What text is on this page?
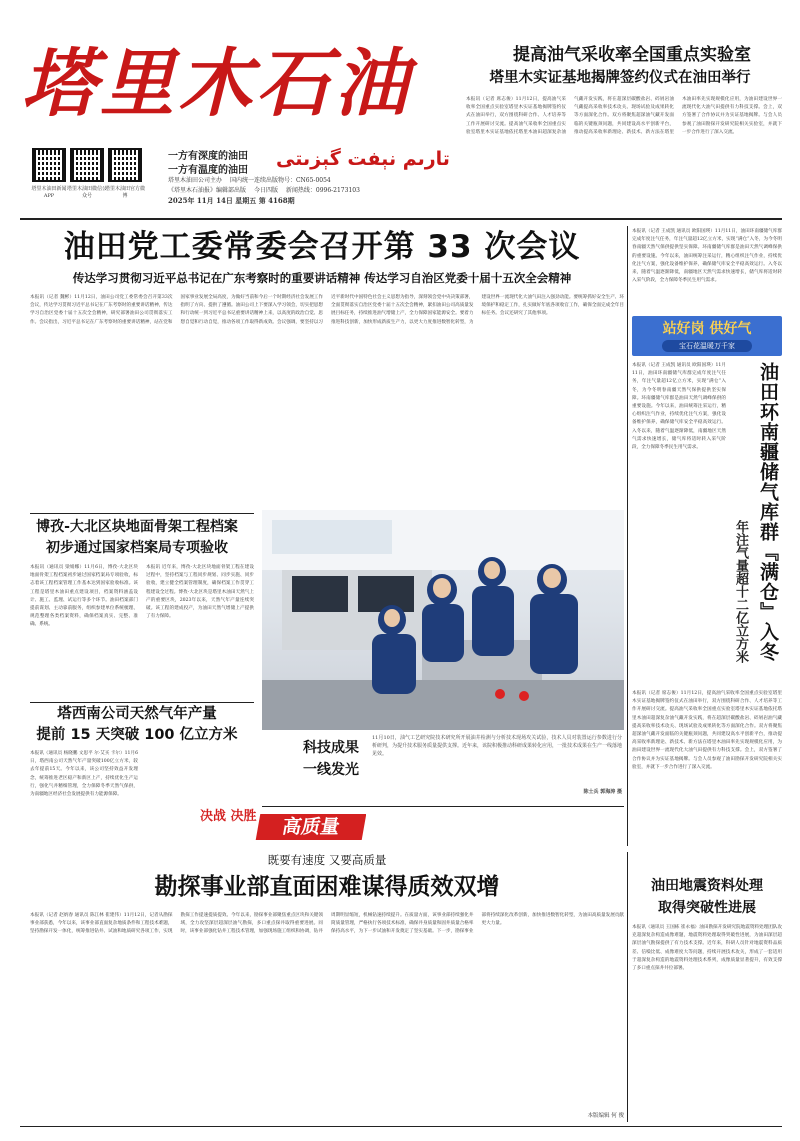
塔里木石油
塔里木油田新闻APP
塔里木油田微信公众号
塔里木油田官方微博
一方有深度的油田
一方有温度的油田
تارىم نېفت گېزىتى
塔里木油田公司主办 国内统一连续出版物号：CN65-0054
《塔里木石油报》编辑部出版 今日四版 新闻热线：0996-2173103
2025年 11月 14日 星期五 第 4168期
提高油气采收率全国重点实验室
塔里木实证基地揭牌签约仪式在油田举行
本报讯（记者 席志俊）11月12日，提高油气采收率全国重点实验室塔里木实证基地揭牌签约仪式在油田举行，双方围绕科研合作、人才培养等工作开展研讨交流。提高油气采收率全国重点实验室塔里木实证基地依托塔里木油田超深复杂油气藏开发实践，将在超深层碳酸盐岩、碎屑岩油气藏提高采收率技术攻关、现场试验及成果转化等方面深化合作。双方将聚焦超深油气藏开发面临的关键瓶颈问题，共同建设高水平创新平台，推动提高采收率新理论、新技术、新方法在塔里木油田率先实现规模化应用，为油田建设世界一流现代化大油气田提供有力科技支撑。会上，双方签署了合作协议并为实证基地揭牌。与会人员参观了油田勘探开发研究院相关实验室，并就下一步合作进行了深入交流。
油田党工委常委会召开第 33 次会议
传达学习贯彻习近平总书记在广东考察时的重要讲话精神 传达学习自治区党委十届十五次全会精神
本报讯（记者 魏彬）11月12日，油田公司党工委常委会召开第33次会议，传达学习贯彻习近平总书记在广东考察时的重要讲话精神，传达学习自治区党委十届十五次全会精神，研究部署油田公司贯彻落实工作。会议指出，习近平总书记在广东考察时的重要讲话精神，站在党和国家事业发展全局高度，为做好当前和今后一个时期经济社会发展工作指明了方向、提供了遵循。油田公司上下要深入学习领会，切实把思想和行动统一到习近平总书记重要讲话精神上来，以高度的政治自觉、思想自觉和行动自觉，推动各项工作取得新成效。会议强调，要坚持以习近平新时代中国特色社会主义思想为指导，深刻领会党中央决策部署，全面贯彻落实自治区党委十届十五次全会精神，紧扣油田公司高质量发展目标任务，持续推进油气增储上产，全力保障国家能源安全。要着力推进科技创新，加快形成新质生产力，以更大力度推进数智化转型，为建设世界一流现代化大油气田注入强劲动能。要统筹抓好安全生产、环境保护和稳定工作，扎实做好年底各项收官工作，确保全面完成全年目标任务。会议还研究了其他事项。
博孜-大北区块地面骨架工程档案
初步通过国家档案局专项验收
本报讯（通讯员 梁娟娜）11月6日，博孜-大北区块地面骨架工程档案初步通过国家档案局专项验收，标志着该工程档案管理工作基本达到国家验收标准。该工程是塔里木油田重点建设项目，档案资料涵盖设计、施工、监理、试运行等多个环节。油田档案部门提前谋划、主动靠前服务，组织参建单位系统梳理、规范整理各类档案资料，确保档案真实、完整、准确、系统。
本报讯 近年来，博孜-大北区块地面骨架工程在建设过程中，坚持档案与工程同步规划、同步实施、同步验收，建立健全档案管理制度，确保档案工作贯穿工程建设全过程。博孜-大北区块是塔里木油田天然气上产的重要区块，2023年以来，天然气年产量连续突破。该工程的建成投产，为油田天然气增储上产提供了有力保障。
塔西南公司天然气年产量
提前 15 天突破 100 亿立方米
本报讯（通讯员 杨晓鹏 文思平 尔·艾买 卡尔）11月6日，塔西南公司天然气年产量突破100亿立方米，较去年提前15天。今年以来，该公司坚持效益开发理念，统筹推进老区稳产和新区上产，持续优化生产运行，强化气井精细管理，全力保障冬季天然气保供，为南疆地区经济社会发展提供有力能源保障。
科技成果
一线发光
11月10日，油气工艺研究院技术研究所开展油井检测与分析技术现场攻关试验，技术人员对装置运行参数进行分析研判，为提升技术服务质量提供支撑。近年来，该院积极推动科研成果转化应用，一批技术成果在生产一线落地见效。
陈士兵 郭海涛 摄
站好岗 供好气
宝石花温暖万千家
本报讯（记者 王成凯 通讯员 欧阳国瑛）11月11日，油田环南疆储气库群完成年度注气任务，年注气量超12亿立方米，实现“满仓”入冬，为今冬明春南疆天然气保供提供坚实保障。环南疆储气库群是油田天然气调峰保供的重要设施。今年以来，油田统筹注采运行，精心组织注气作业，持续优化注气方案，强化设备维护保养，确保储气库安全平稳高效运行。入冬以来，随着气温逐渐降低，南疆地区天然气需求快速增长，储气库将适时转入采气阶段，全力保障冬季民生用气需求。
油田环南疆储气库群『满仓』入冬
年注气量超十二亿立方米
本报讯（记者 王成凯 通讯员 欧阳国瑛）11月11日，油田环南疆储气库群完成年度注气任务，年注气量超12亿立方米，实现“满仓”入冬，为今冬明春南疆天然气保供提供坚实保障。环南疆储气库群是油田天然气调峰保供的重要设施。今年以来，油田统筹注采运行，精心组织注气作业，持续优化注气方案，强化设备维护保养，确保储气库安全平稳高效运行。入冬以来，随着气温逐渐降低，南疆地区天然气需求快速增长，储气库将适时转入采气阶段，全力保障冬季民生用气需求。
本报讯（记者 席志俊）11月12日，提高油气采收率全国重点实验室塔里木实证基地揭牌签约仪式在油田举行，双方围绕科研合作、人才培养等工作开展研讨交流。提高油气采收率全国重点实验室塔里木实证基地依托塔里木油田超深复杂油气藏开发实践，将在超深层碳酸盐岩、碎屑岩油气藏提高采收率技术攻关、现场试验及成果转化等方面深化合作。双方将聚焦超深油气藏开发面临的关键瓶颈问题，共同建设高水平创新平台，推动提高采收率新理论、新技术、新方法在塔里木油田率先实现规模化应用，为油田建设世界一流现代化大油气田提供有力科技支撑。会上，双方签署了合作协议并为实证基地揭牌。与会人员参观了油田勘探开发研究院相关实验室，并就下一步合作进行了深入交流。
决战 决胜	高质量
既要有速度 又要高质量
勘探事业部直面困难谋得质效双增
本报讯（记者 赵炳春 通讯员 陈江林 崔建伟）11月12日，记者从勘探事业部获悉，今年以来，该事业部直面复杂地质条件和工程技术难题，坚持勘探开发一体化，统筹推进钻井、试油和地质研究各项工作，实现勘探工作提速提质提效。今年以来，勘探事业部聚焦重点区块和关键领域，全力攻坚深层超深层油气勘探，多口重点探井取得重要进展。同时，该事业部强化钻井工程技术管理，加强现场施工组织和协调，钻井周期明显缩短，机械钻速持续提升。在质量方面，该事业部持续强化井筒质量管理，严格执行各项技术标准，确保井身质量和固井质量合格率保持高水平，为下一步试油和开发奠定了坚实基础。下一步，勘探事业部将持续深化改革创新，加快推进数智化转型，为油田高质量发展贡献更大力量。
本版编辑 何 俊
油田地震资料处理
取得突破性进展
本报讯（通讯员 王国栋 崔永福）油田勘探开发研究院地震资料处理团队攻克超深复杂构造成像难题，地震资料处理取得突破性进展，为油田深层超深层油气勘探提供了有力技术支撑。近年来，科研人员针对地震资料品质差、信噪比低、成像难度大等问题，持续开展技术攻关，形成了一套适用于超深复杂构造的地震资料处理技术系列，成像质量显著提升，有效支撑了多口重点探井井位部署。
